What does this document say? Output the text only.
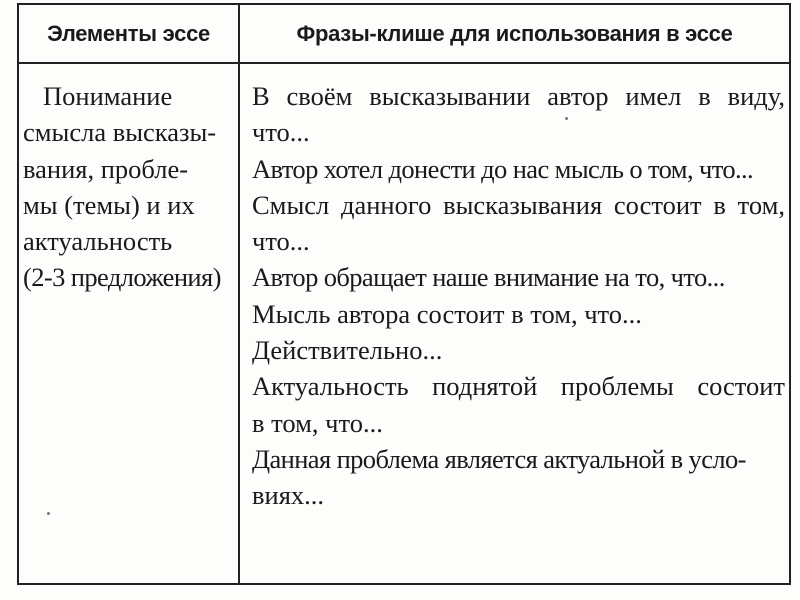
Элементы эссе	Фразы-клише для использования в эссе
Понимание
смысла высказы-
вания, пробле-
мы (темы) и их
актуальность
(2-3 предложения)
В своём высказывании автор имел в виду,
что...
Автор хотел донести до нас мысль о том, что...
Смысл данного высказывания состоит в том,
что...
Автор обращает наше внимание на то, что...
Мысль автора состоит в том, что...
Действительно...
Актуальность поднятой проблемы состоит
в том, что...
Данная проблема является актуальной в усло-
виях...
